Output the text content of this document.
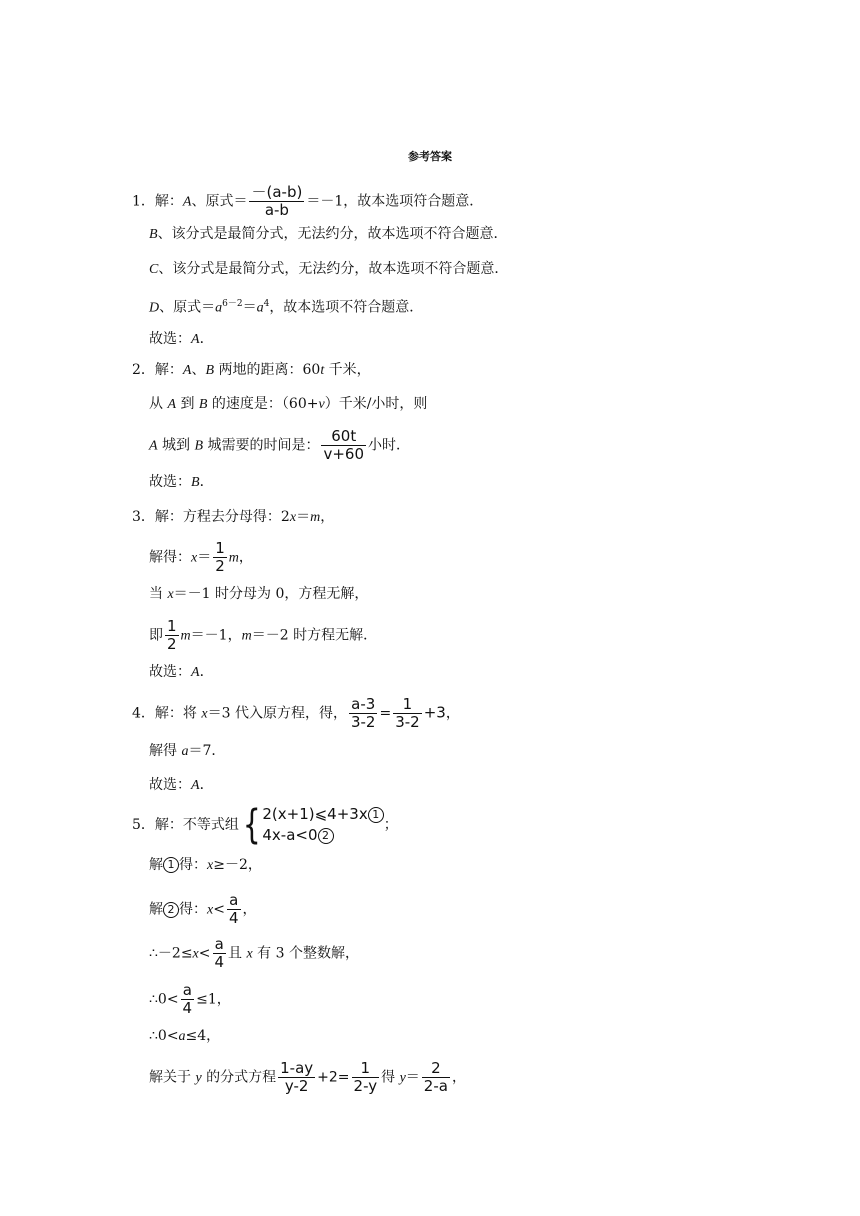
参考答案
1．解：A、原式＝ $\frac{-(a-b)}{a-b} =-1$，故本选项符合题意．
B、该分式是最简分式，无法约分，故本选项不符合题意．
C、该分式是最简分式，无法约分，故本选项不符合题意．
D、原式$=a^{6-2}=a^4$，故本选项不符合题意．
故选：A．
2．解：A、B 两地的距离：60t 千米，
从 A 到 B 的速度是：（60+v）千米/小时，则
A 城到 B 城需要的时间是： $\frac{60t}{v+60}$ 小时．
故选：B．
3．解：方程去分母得：2x＝m，
解得：$x= \frac{1}{2}$ m，
当 x＝－1 时分母为 0，方程无解，
即 $\frac{1}{2} m=-1$，m＝－2 时方程无解．
故选：A．
4．解：将 x＝3 代入原方程，得， $\frac{a-3}{3-2} = \frac{1}{3-2} +3$，
解得 a＝7．
故选：A．
5．解：不等式组{ 2(x+1)⩽4+3x 1
4x-a<0 2
；
解 1 得：x≥－2，
解 2 得：$x< \frac{a}{4}$ ，
∴－2≤x< $\frac{a}{4}$ 且 x 有 3 个整数解，
∴0< $\frac{a}{4} \le 1$，
∴0<a≤4，
解关于 y 的分式方程 $\frac{1-ay}{y-2} +2= \frac{1}{2-y}$ 得 $y= \frac{2}{2-a}$ ，
